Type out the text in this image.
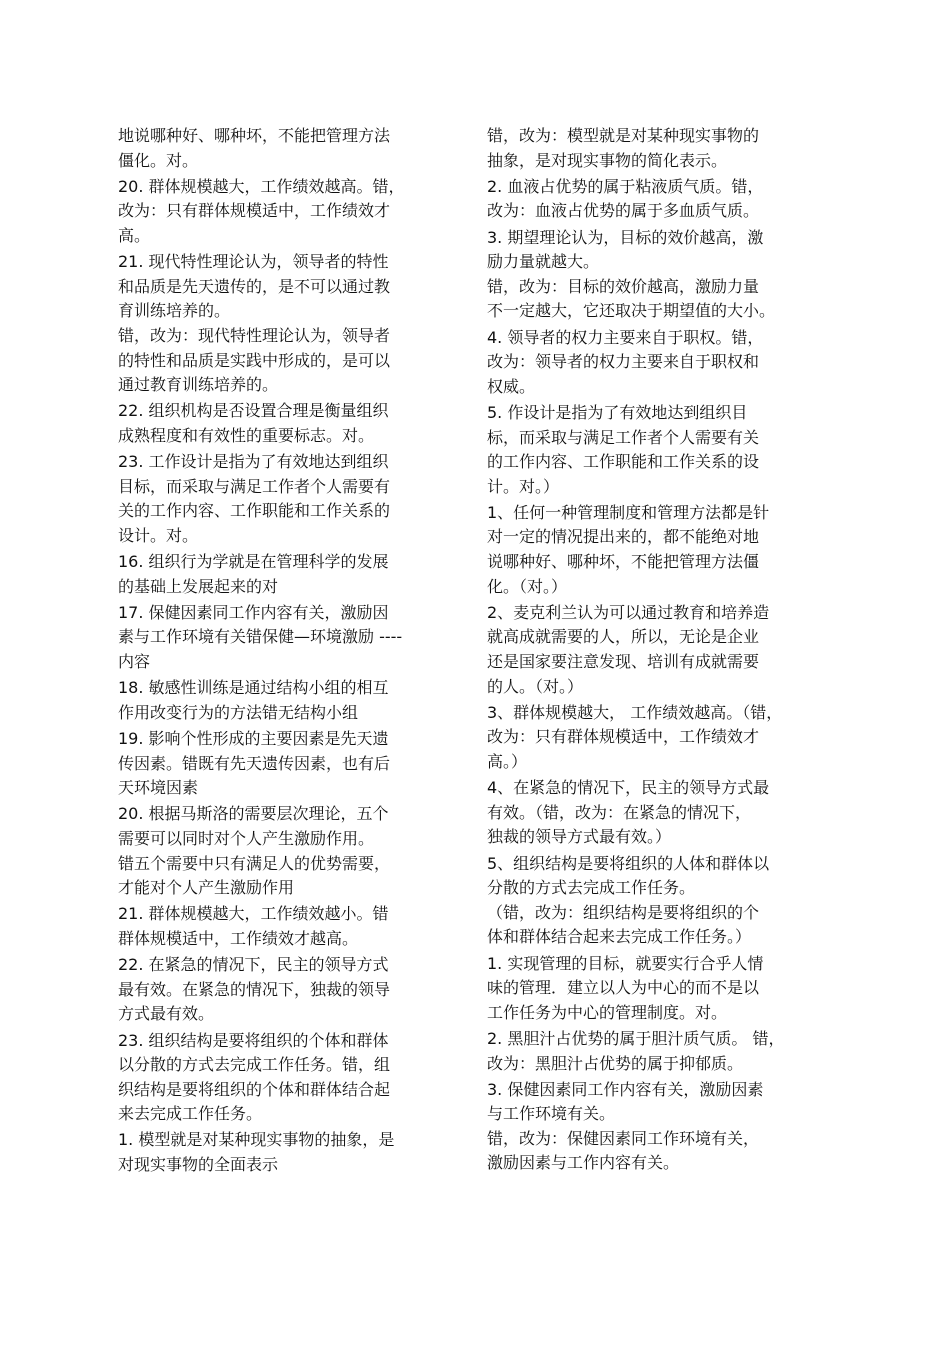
地说哪种好、哪种坏，不能把管理方法
僵化。对。

20. 群体规模越大，工作绩效越高。错，
改为：只有群体规模适中，工作绩效才
高。

21. 现代特性理论认为，领导者的特性
和品质是先天遗传的，是不可以通过教
育训练培养的。
错，改为：现代特性理论认为，领导者
的特性和品质是实践中形成的，是可以
通过教育训练培养的。

22. 组织机构是否设置合理是衡量组织
成熟程度和有效性的重要标志。对。

23. 工作设计是指为了有效地达到组织
目标，而采取与满足工作者个人需要有
关的工作内容、工作职能和工作关系的
设计。对。

16. 组织行为学就是在管理科学的发展
的基础上发展起来的对

17. 保健因素同工作内容有关，激励因
素与工作环境有关错保健—环境激励 ----
内容

18. 敏感性训练是通过结构小组的相互
作用改变行为的方法错无结构小组

19. 影响个性形成的主要因素是先天遗
传因素。错既有先天遗传因素，也有后
天环境因素

20. 根据马斯洛的需要层次理论，五个
需要可以同时对个人产生激励作用。
错五个需要中只有满足人的优势需要，
才能对个人产生激励作用

21. 群体规模越大，工作绩效越小。错
群体规模适中，工作绩效才越高。

22. 在紧急的情况下，民主的领导方式
最有效。在紧急的情况下，独裁的领导
方式最有效。

23. 组织结构是要将组织的个体和群体
以分散的方式去完成工作任务。错，组
织结构是要将组织的个体和群体结合起
来去完成工作任务。

1. 模型就是对某种现实事物的抽象，是
对现实事物的全面表示

错，改为：模型就是对某种现实事物的
抽象，是对现实事物的简化表示。

2. 血液占优势的属于粘液质气质。错，
改为：血液占优势的属于多血质气质。

3. 期望理论认为，目标的效价越高，激
励力量就越大。
错，改为：目标的效价越高，激励力量
不一定越大，它还取决于期望值的大小。

4. 领导者的权力主要来自于职权。错，
改为：领导者的权力主要来自于职权和
权威。

5. 作设计是指为了有效地达到组织目
标，而采取与满足工作者个人需要有关
的工作内容、工作职能和工作关系的设
计。对。）

1、任何一种管理制度和管理方法都是针
对一定的情况提出来的，都不能绝对地
说哪种好、哪种坏，不能把管理方法僵
化。（对。）

2、麦克利兰认为可以通过教育和培养造
就高成就需要的人，所以，无论是企业
还是国家要注意发现、培训有成就需要
的人。（对。）

3、群体规模越大， 工作绩效越高。（错，
改为：只有群体规模适中，工作绩效才
高。）

4、在紧急的情况下，民主的领导方式最
有效。（错，改为：在紧急的情况下，
独裁的领导方式最有效。）

5、组织结构是要将组织的人体和群体以
分散的方式去完成工作任务。
（错，改为：组织结构是要将组织的个
体和群体结合起来去完成工作任务。）

1. 实现管理的目标，就要实行合乎人情
味的管理．建立以人为中心的而不是以
工作任务为中心的管理制度。对。

2. 黑胆汁占优势的属于胆汁质气质。 错，
改为：黑胆汁占优势的属于抑郁质。

3. 保健因素同工作内容有关，激励因素
与工作环境有关。
错，改为：保健因素同工作环境有关，
激励因素与工作内容有关。
